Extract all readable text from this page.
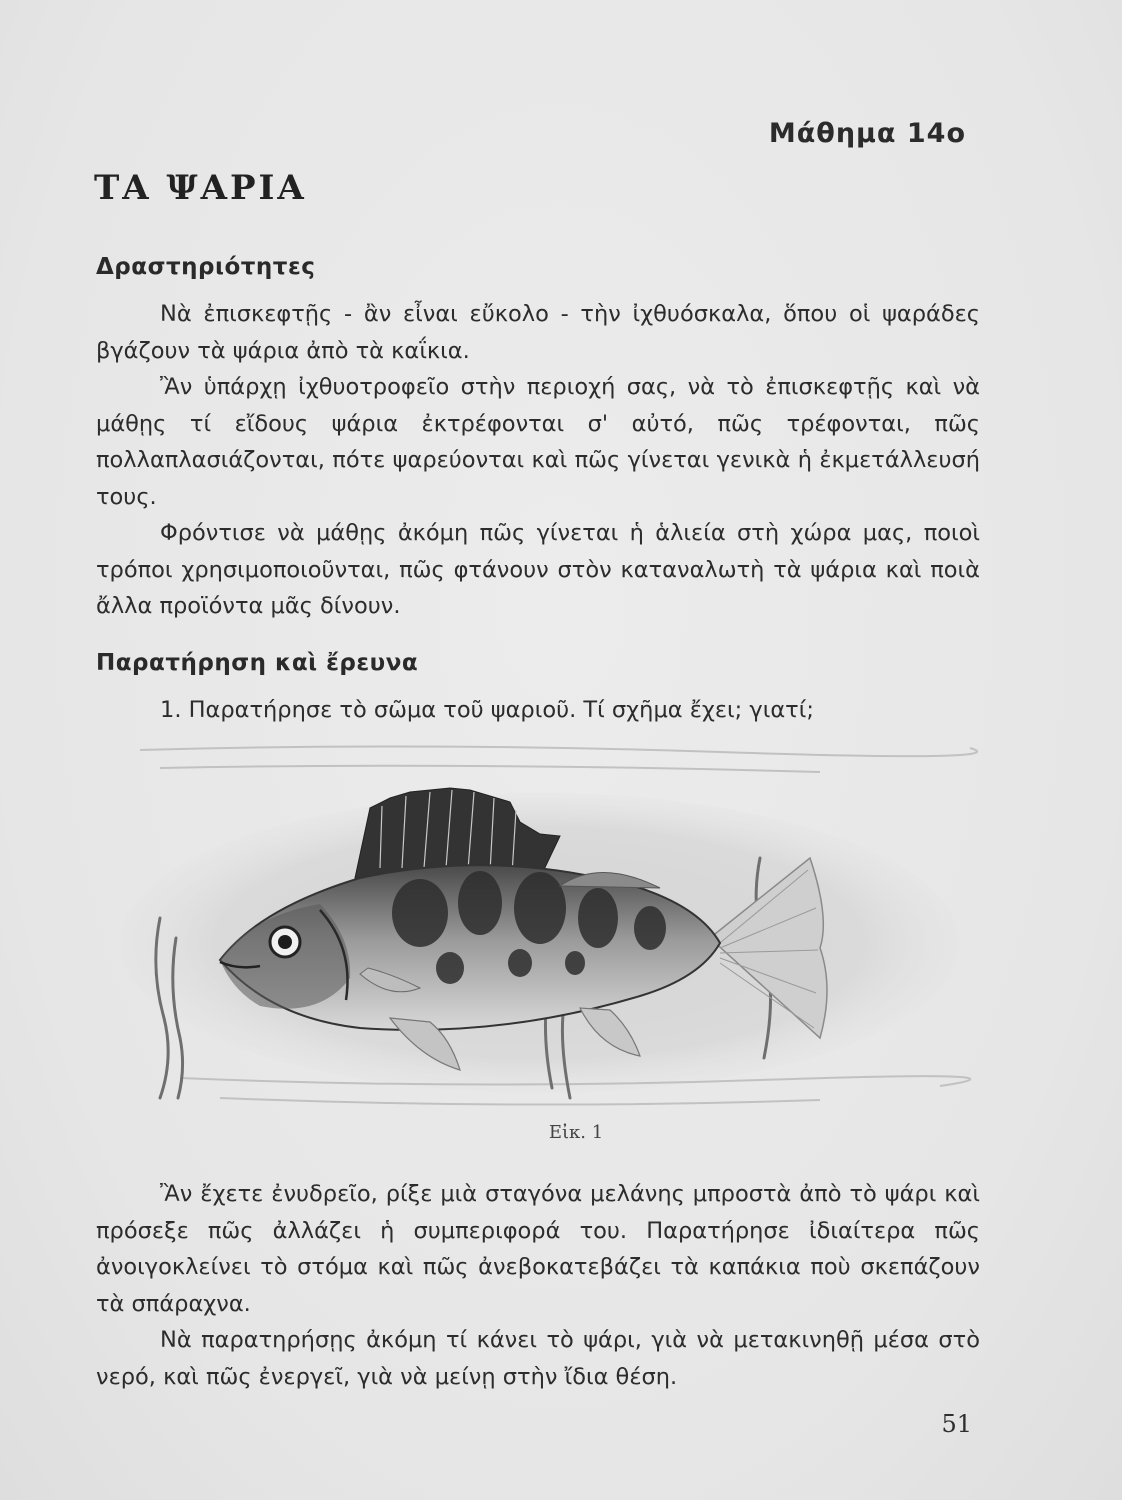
Μάθημα 14ο
ΤΑ ΨΑΡΙΑ
Δραστηριότητες

Νὰ ἐπισκεφτῇς - ἂν εἶναι εὔκολο - τὴν ἰχθυόσκαλα, ὅπου οἱ ψαράδες βγάζουν τὰ ψάρια ἀπὸ τὰ καΐκια.

Ἂν ὑπάρχῃ ἰχθυοτροφεῖο στὴν περιοχή σας, νὰ τὸ ἐπισκεφτῇς καὶ νὰ μάθῃς τί εἴδους ψάρια ἐκτρέφονται σ' αὐτό, πῶς τρέφονται, πῶς πολλαπλασιάζονται, πότε ψαρεύονται καὶ πῶς γίνεται γενικὰ ἡ ἐκμετάλλευσή τους.

Φρόντισε νὰ μάθῃς ἀκόμη πῶς γίνεται ἡ ἁλιεία στὴ χώρα μας, ποιοὶ τρόποι χρησιμοποιοῦνται, πῶς φτάνουν στὸν καταναλωτὴ τὰ ψάρια καὶ ποιὰ ἄλλα προϊόντα μᾶς δίνουν.

Παρατήρηση καὶ ἔρευνα

1. Παρατήρησε τὸ σῶμα τοῦ ψαριοῦ. Τί σχῆμα ἔχει; γιατί;

Εἰκ. 1

Ἂν ἔχετε ἐνυδρεῖο, ρίξε μιὰ σταγόνα μελάνης μπροστὰ ἀπὸ τὸ ψάρι καὶ πρόσεξε πῶς ἀλλάζει ἡ συμπεριφορά του. Παρατήρησε ἰδιαίτερα πῶς ἀνοιγοκλείνει τὸ στόμα καὶ πῶς ἀνεβοκατεβάζει τὰ καπάκια ποὺ σκεπάζουν τὰ σπάραχνα.

Νὰ παρατηρήσῃς ἀκόμη τί κάνει τὸ ψάρι, γιὰ νὰ μετακινηθῇ μέσα στὸ νερό, καὶ πῶς ἐνεργεῖ, γιὰ νὰ μείνῃ στὴν ἴδια θέση.

51
